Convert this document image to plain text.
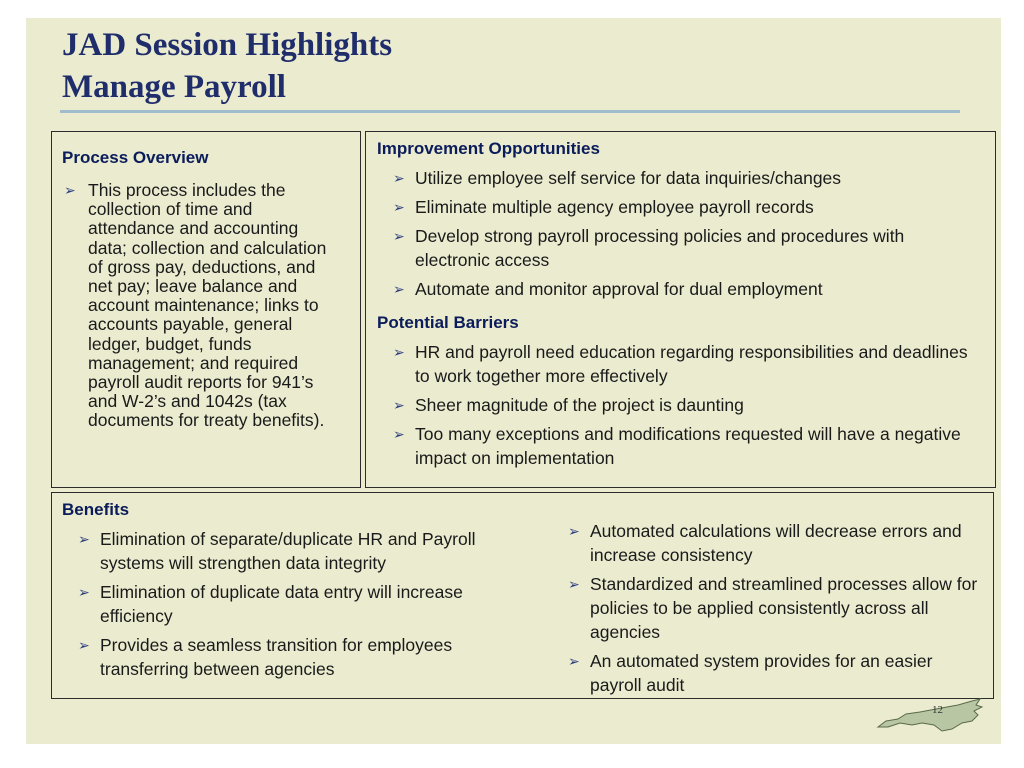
JAD Session Highlights
Manage Payroll
Process Overview
➢ This process includes the collection of time and attendance and accounting data; collection and calculation of gross pay, deductions, and net pay; leave balance and account maintenance; links to accounts payable, general ledger, budget, funds management; and required payroll audit reports for 941’s and W-2’s and 1042s (tax documents for treaty benefits).
Improvement Opportunities
➢ Utilize employee self service for data inquiries/changes
➢ Eliminate multiple agency employee payroll records
➢ Develop strong payroll processing policies and procedures with electronic access
➢ Automate and monitor approval for dual employment
Potential Barriers
➢ HR and payroll need education regarding responsibilities and deadlines to work together more effectively
➢ Sheer magnitude of the project is daunting
➢ Too many exceptions and modifications requested will have a negative impact on implementation
Benefits
➢ Elimination of separate/duplicate HR and Payroll systems will strengthen data integrity
➢ Elimination of duplicate data entry will increase efficiency
➢ Provides a seamless transition for employees transferring between agencies
➢ Automated calculations will decrease errors and increase consistency
➢ Standardized and streamlined processes allow for policies to be applied consistently across all agencies
➢ An automated system provides for an easier payroll audit
12
